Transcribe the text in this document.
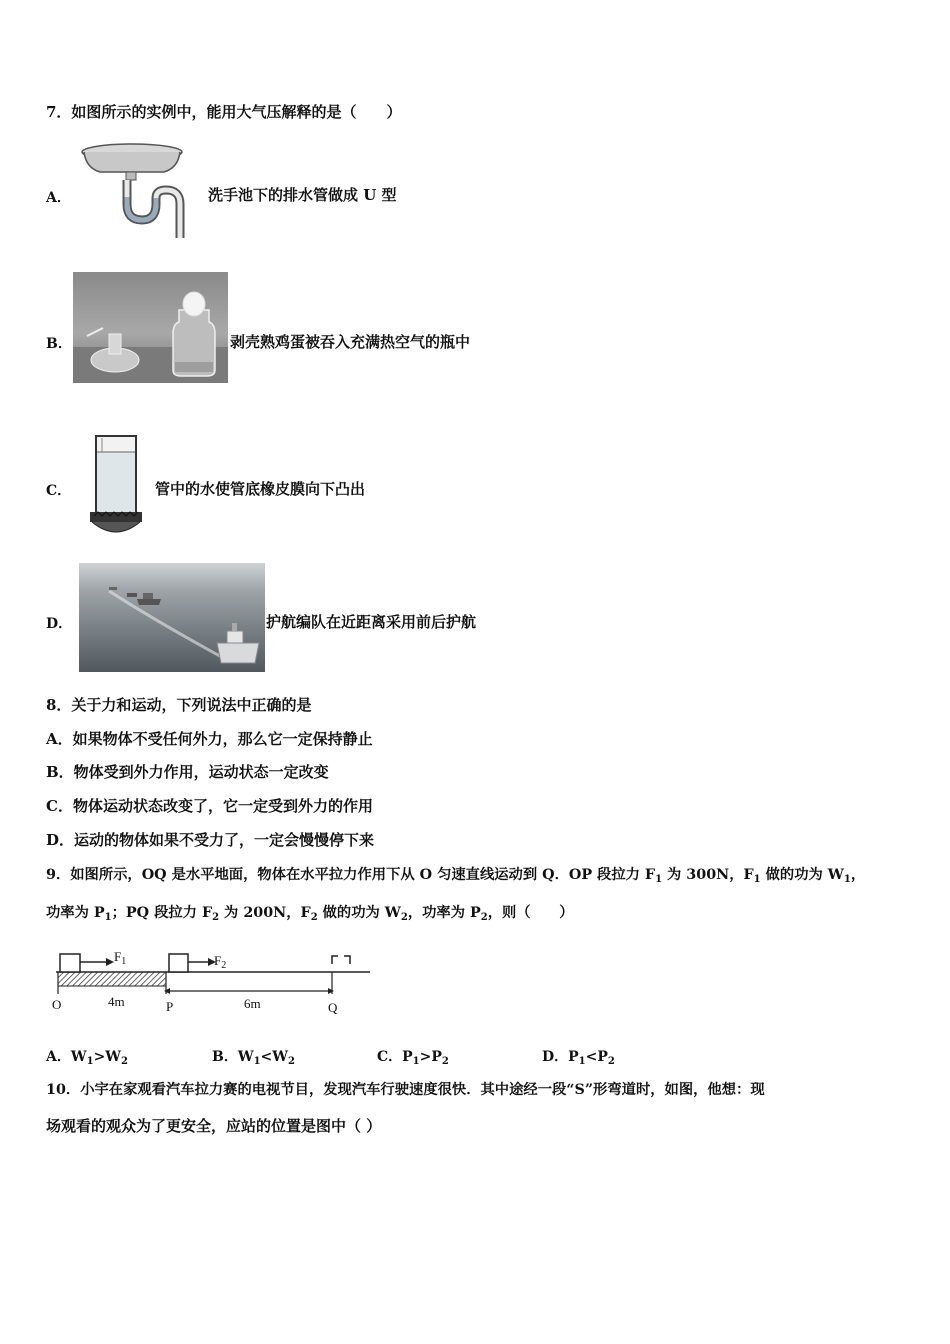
7．如图所示的实例中，能用大气压解释的是（　　）
A．	洗手池下的排水管做成 U 型
B．	剥壳熟鸡蛋被吞入充满热空气的瓶中
C．	管中的水使管底橡皮膜向下凸出
D．	护航编队在近距离采用前后护航
8．关于力和运动，下列说法中正确的是
A．如果物体不受任何外力，那么它一定保持静止
B．物体受到外力作用，运动状态一定改变
C．物体运动状态改变了，它一定受到外力的作用
D．运动的物体如果不受力了，一定会慢慢停下来
9．如图所示，OQ 是水平地面，物体在水平拉力作用下从 O 匀速直线运动到 Q．OP 段拉力 $F_1$ 为 300N，$F_1$ 做的功为 $W_1$，
功率为 $P_1$；PQ 段拉力 $F_2$ 为 200N，$F_2$ 做的功为 $W_2$，功率为 $P_2$，则（　　）
$F_1$	$F_2$
O	P	Q
4m	6m
A．$W_1>W_2$	B．$W_1<W_2$	C．$P_1>P_2$	D．$P_1<P_2$
10．小宇在家观看汽车拉力赛的电视节目，发现汽车行驶速度很快．其中途经一段“S”形弯道时，如图，他想：现
场观看的观众为了更安全，应站的位置是图中（ ）
